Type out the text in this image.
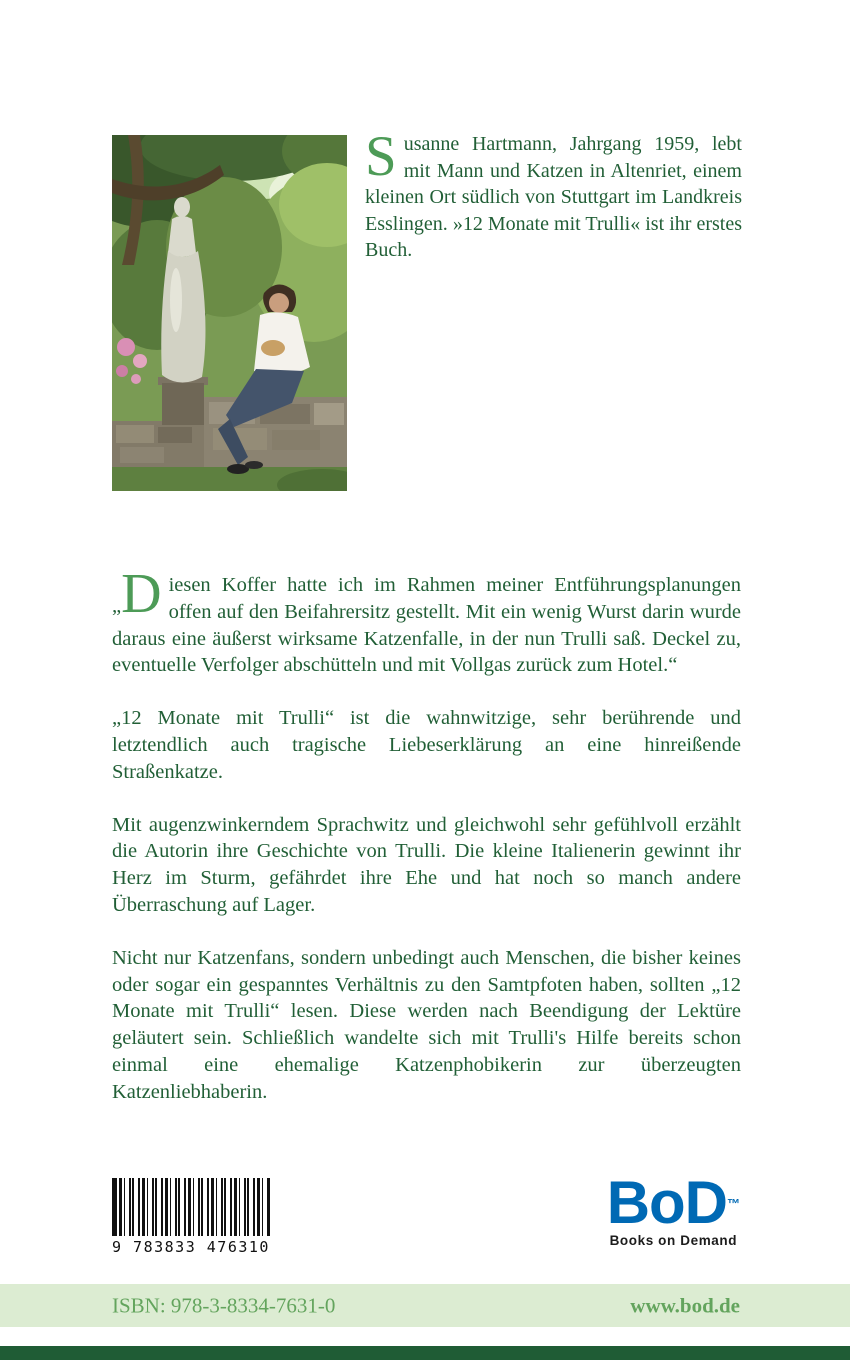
Susanne Hartmann, Jahrgang 1959, lebt mit Mann und Katzen in Altenriet, einem kleinen Ort südlich von Stuttgart im Landkreis Esslingen. »12 Monate mit Trulli« ist ihr erstes Buch.

„D iesen Koffer hatte ich im Rahmen meiner Entführungsplanungen offen auf den Beifahrersitz gestellt. Mit ein wenig Wurst darin wurde daraus eine äußerst wirksame Katzenfalle, in der nun Trulli saß. Deckel zu, eventuelle Verfolger abschütteln und mit Vollgas zurück zum Hotel.“

„12 Monate mit Trulli“ ist die wahnwitzige, sehr berührende und letztendlich auch tragische Liebeserklärung an eine hinreißende Straßenkatze.

Mit augenzwinkerndem Sprachwitz und gleichwohl sehr gefühlvoll erzählt die Autorin ihre Geschichte von Trulli. Die kleine Italienerin gewinnt ihr Herz im Sturm, gefährdet ihre Ehe und hat noch so manch andere Überraschung auf Lager.

Nicht nur Katzenfans, sondern unbedingt auch Menschen, die bisher keines oder sogar ein gespanntes Verhältnis zu den Samtpfoten haben, sollten „12 Monate mit Trulli“ lesen. Diese werden nach Beendigung der Lektüre geläutert sein. Schließlich wandelte sich mit Trulli's Hilfe bereits schon einmal eine ehemalige Katzenphobikerin zur überzeugten Katzenliebhaberin.

9 783833 476310
BoD™
Books on Demand
ISBN: 978-3-8334-7631-0	www.bod.de
